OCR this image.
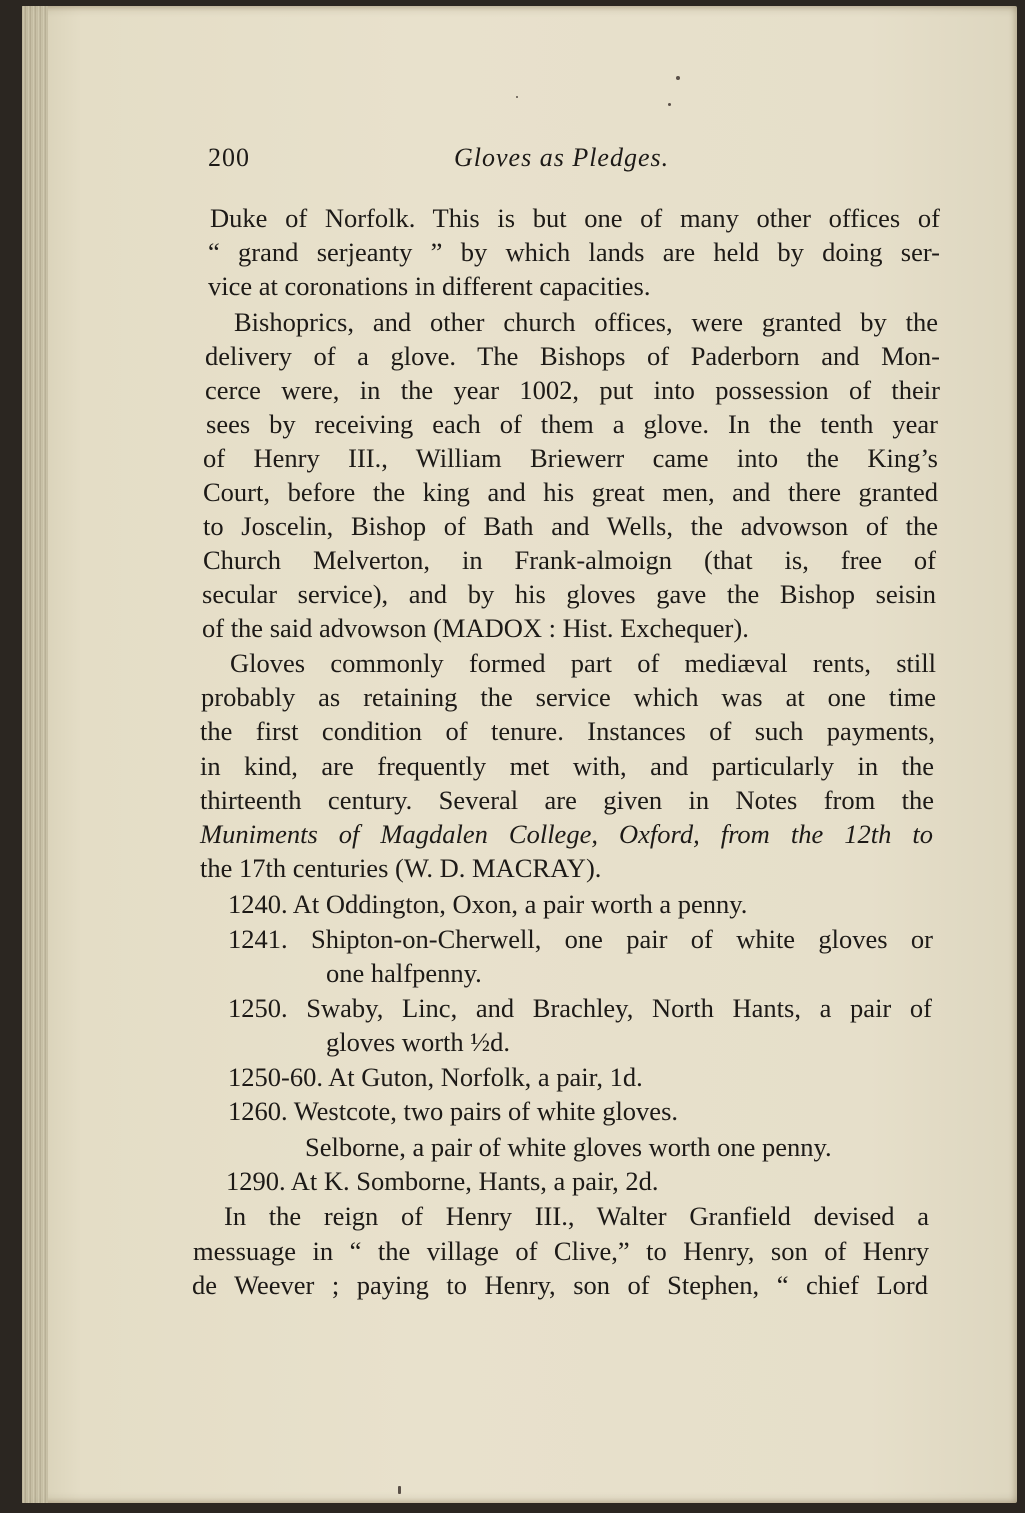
200	Gloves as Pledges.
Duke of Norfolk. This is but one of many other offices of
“ grand serjeanty ” by which lands are held by doing ser-
vice at coronations in different capacities.
Bishoprics, and other church offices, were granted by the
delivery of a glove. The Bishops of Paderborn and Mon-
cerce were, in the year 1002, put into possession of their
sees by receiving each of them a glove. In the tenth year
of Henry III., William Briewerr came into the King’s
Court, before the king and his great men, and there granted
to Joscelin, Bishop of Bath and Wells, the advowson of the
Church Melverton, in Frank-almoign (that is, free of
secular service), and by his gloves gave the Bishop seisin
of the said advowson (MADOX : Hist. Exchequer).
Gloves commonly formed part of mediæval rents, still
probably as retaining the service which was at one time
the first condition of tenure. Instances of such payments,
in kind, are frequently met with, and particularly in the
thirteenth century. Several are given in Notes from the
Muniments of Magdalen College, Oxford, from the 12th to
the 17th centuries (W. D. MACRAY).
1240. At Oddington, Oxon, a pair worth a penny.
1241. Shipton-on-Cherwell, one pair of white gloves or
one halfpenny.
1250. Swaby, Linc, and Brachley, North Hants, a pair of
gloves worth ½d.
1250-60. At Guton, Norfolk, a pair, 1d.
1260. Westcote, two pairs of white gloves.
Selborne, a pair of white gloves worth one penny.
1290. At K. Somborne, Hants, a pair, 2d.
In the reign of Henry III., Walter Granfield devised a
messuage in “ the village of Clive,” to Henry, son of Henry
de Weever ; paying to Henry, son of Stephen, “ chief Lord
